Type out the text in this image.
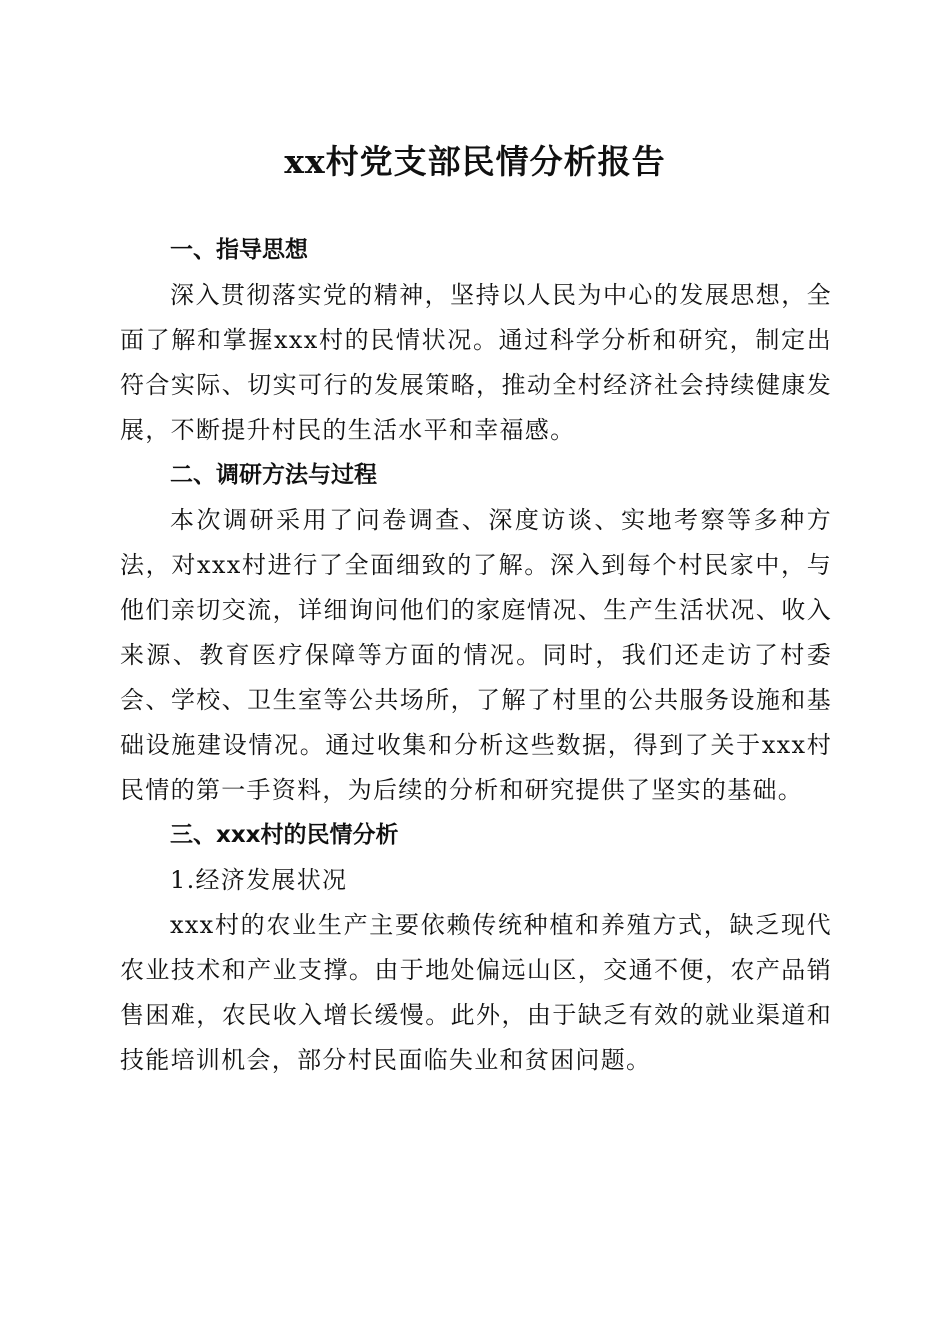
xx村党支部民情分析报告
一、指导思想

深入贯彻落实党的精神，坚持以人民为中心的发展思想，全面了解和掌握xxx村的民情状况。通过科学分析和研究，制定出符合实际、切实可行的发展策略，推动全村经济社会持续健康发展，不断提升村民的生活水平和幸福感。

二、调研方法与过程

本次调研采用了问卷调查、深度访谈、实地考察等多种方法，对xxx村进行了全面细致的了解。深入到每个村民家中，与他们亲切交流，详细询问他们的家庭情况、生产生活状况、收入来源、教育医疗保障等方面的情况。同时，我们还走访了村委会、学校、卫生室等公共场所，了解了村里的公共服务设施和基础设施建设情况。通过收集和分析这些数据，得到了关于xxx村民情的第一手资料，为后续的分析和研究提供了坚实的基础。

三、xxx村的民情分析

1.经济发展状况

xxx村的农业生产主要依赖传统种植和养殖方式，缺乏现代农业技术和产业支撑。由于地处偏远山区，交通不便，农产品销售困难，农民收入增长缓慢。此外，由于缺乏有效的就业渠道和技能培训机会，部分村民面临失业和贫困问题。
